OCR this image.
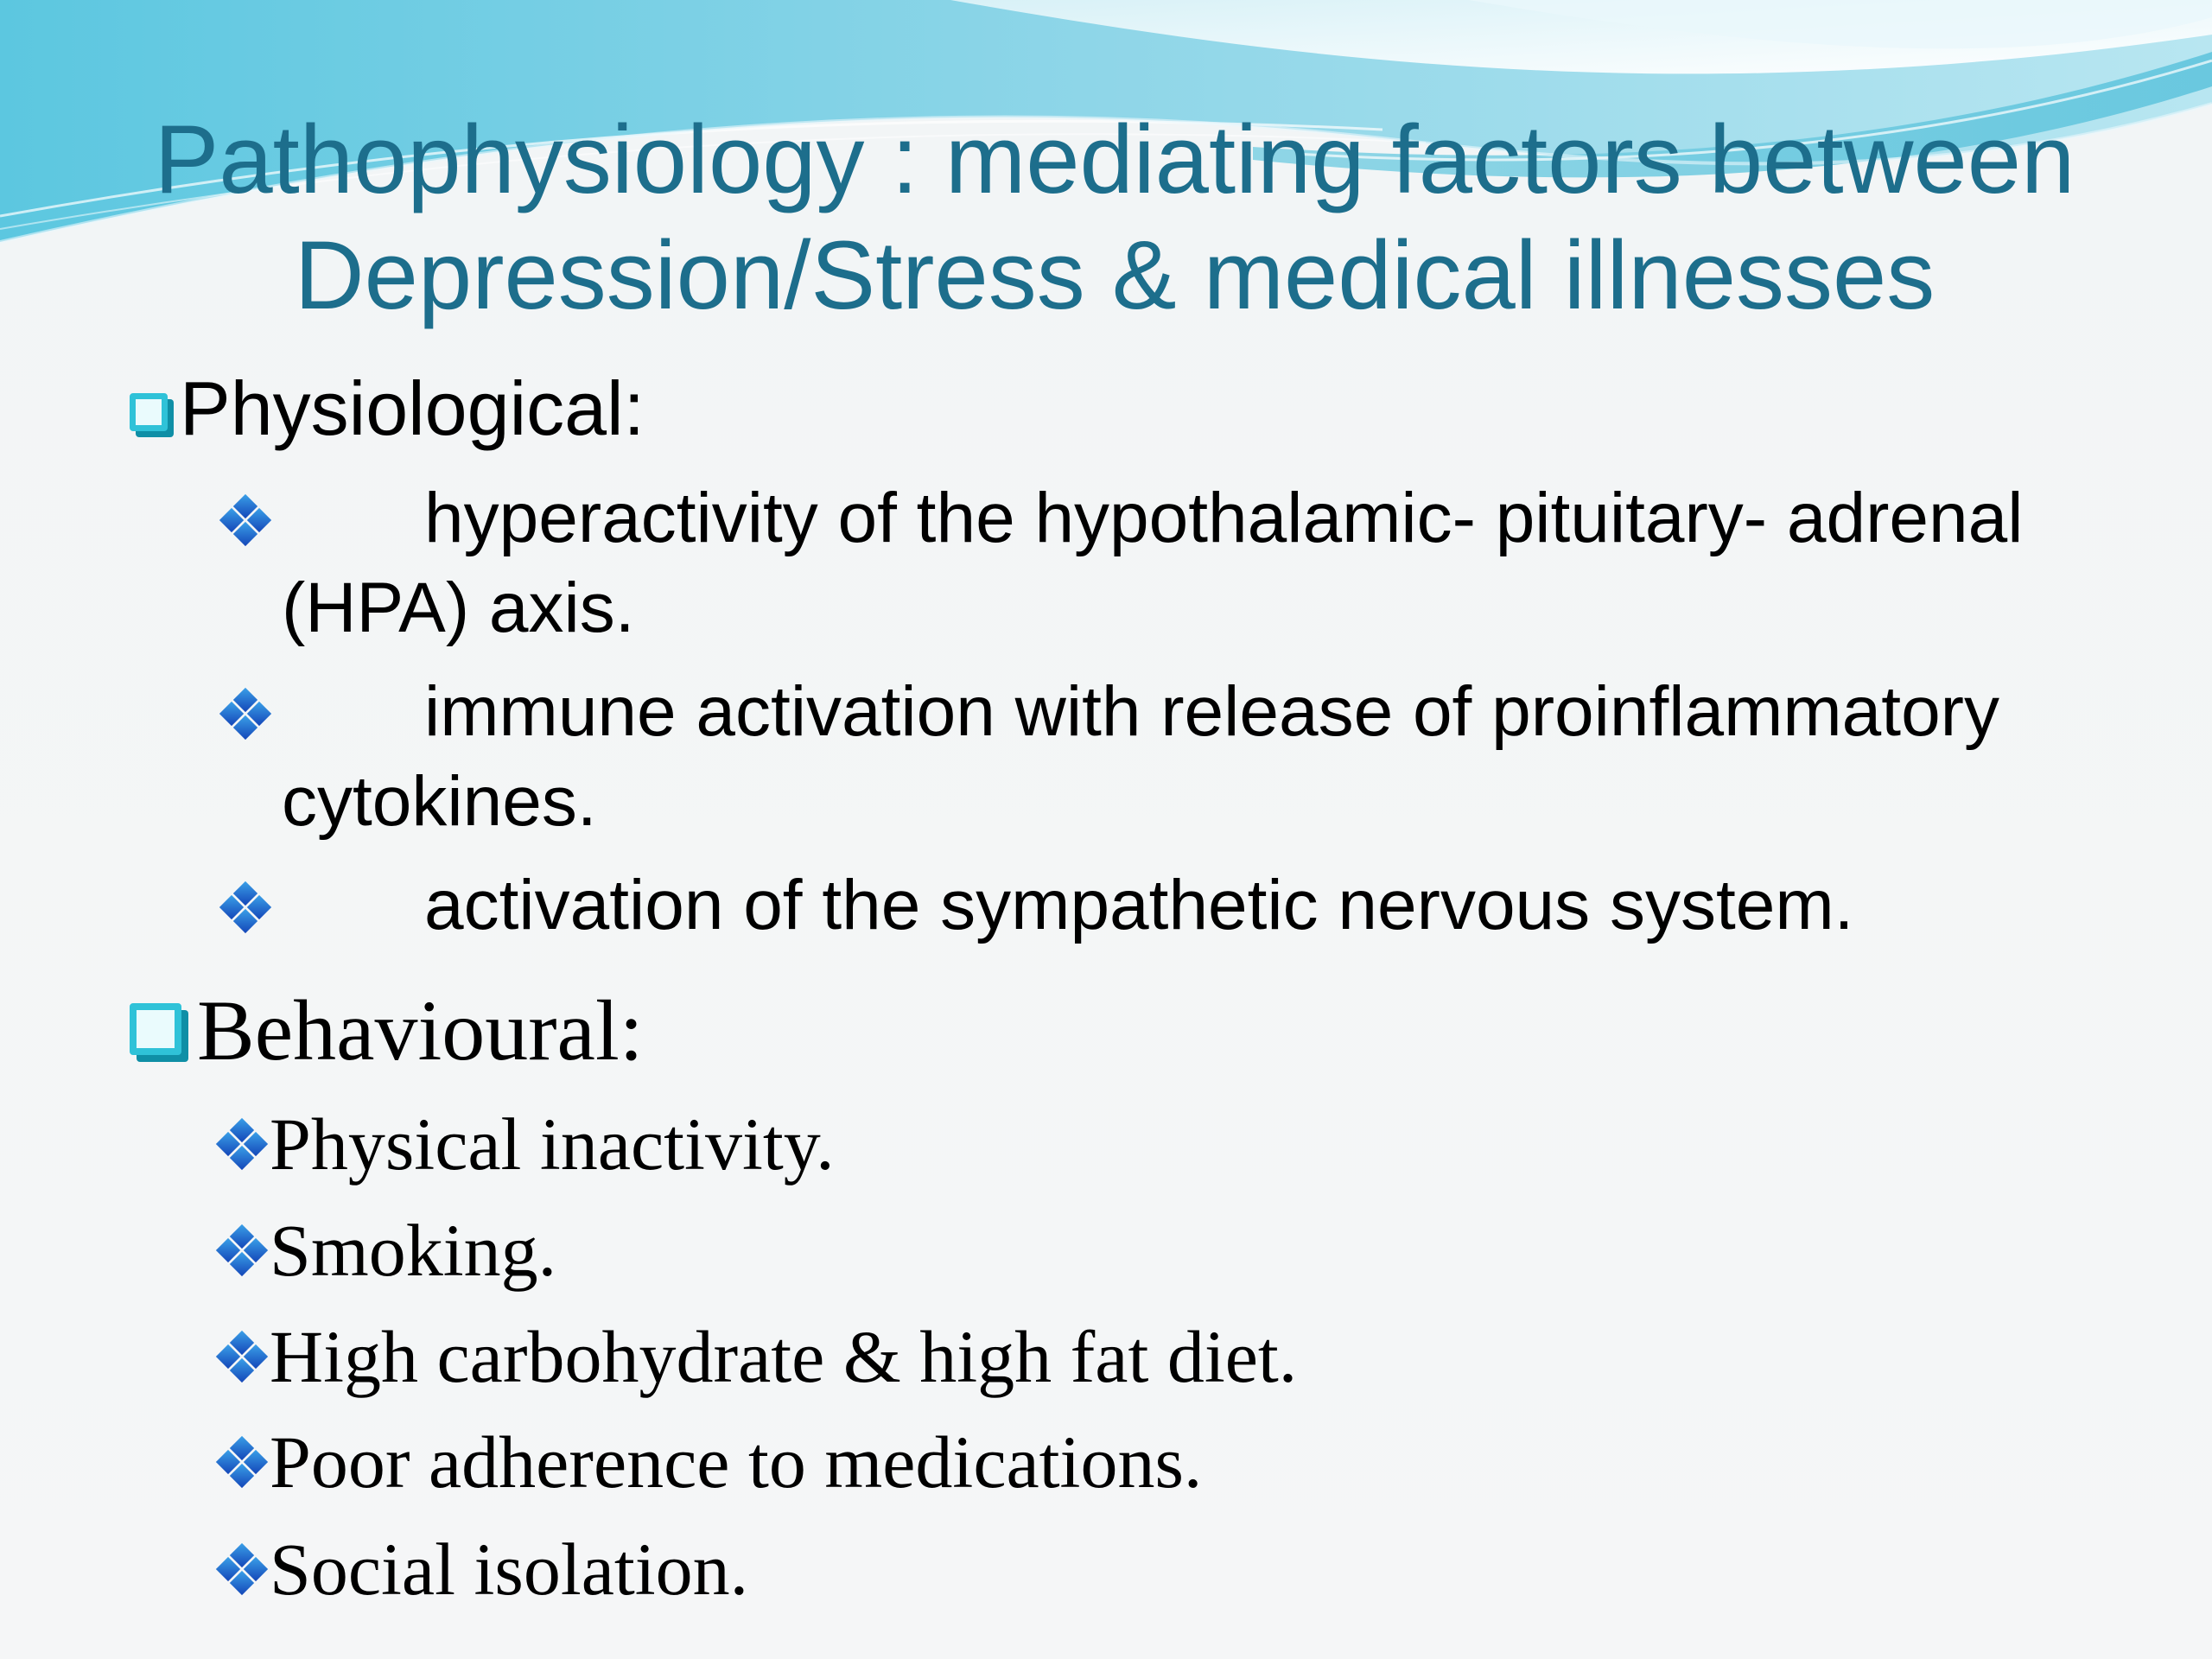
Pathophysiology : mediating factors between
Depression/Stress & medical illnesses
Physiological:
hyperactivity of the hypothalamic- pituitary- adrenal (HPA) axis.
immune activation with release of proinflammatory cytokines.
activation of the sympathetic nervous system.
Behavioural:
Physical inactivity.
Smoking.
High carbohydrate & high fat diet.
Poor adherence to medications.
Social isolation.
